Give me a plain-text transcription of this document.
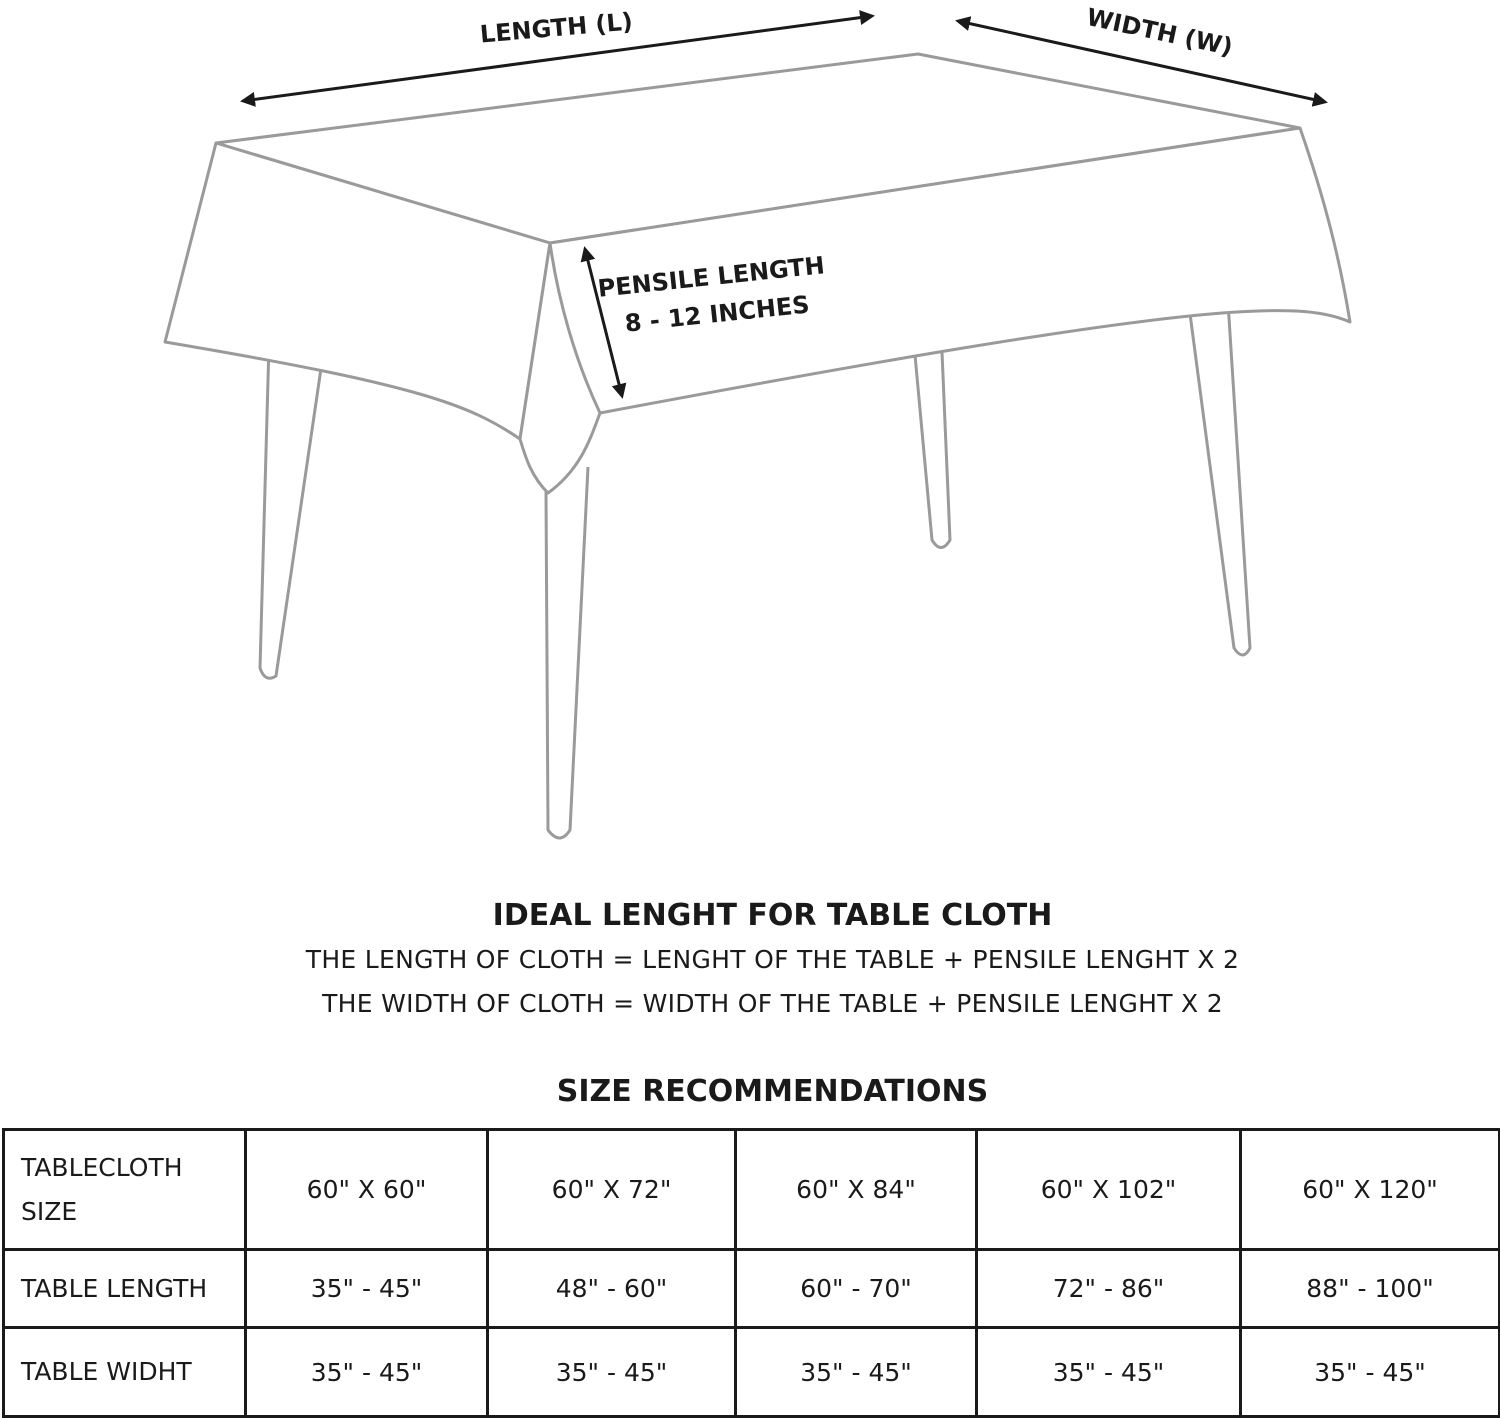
LENGTH (L)	WIDTH (W)
PENSILE LENGTH
8 - 12 INCHES
IDEAL LENGHT FOR TABLE CLOTH
THE LENGTH OF CLOTH = LENGHT OF THE TABLE + PENSILE LENGHT X 2
THE WIDTH OF CLOTH = WIDTH OF THE TABLE + PENSILE LENGHT X 2
SIZE RECOMMENDATIONS
TABLECLOTH
SIZE	60" X 60"	60" X 72"	60" X 84"	60" X 102"	60" X 120"
TABLE LENGTH	35" - 45"	48" - 60"	60" - 70"	72" - 86"	88" - 100"
TABLE WIDHT	35" - 45"	35" - 45"	35" - 45"	35" - 45"	35" - 45"
